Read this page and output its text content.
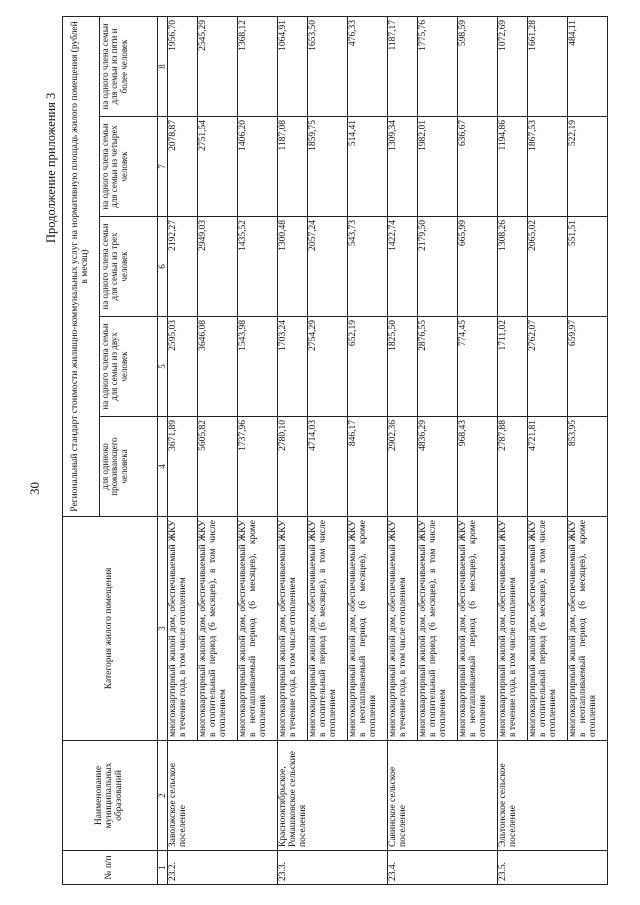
30
Продолжение приложения 3
№ п/п	Наименование муниципальных образований	Категория жилого помещения	Региональный стандарт стоимости жилищно-коммунальных услуг на нормативную площадь жилого помещения (рублей в месяц)				
			для одиноко проживающего человека	на одного члена семьи для семьи из двух человек	на одного члена семьи для семьи из трех человек	на одного члена семьи для семьи из четырех человек	на одного члена семьи для семьи из пяти и более человек
1	2	3	4	5	6	7	8
23.2.	Заволжское сельское поселение	многоквартирный жилой дом, обеспечиваемый ЖКУ в течение года, в том числе отоплением	3671,89	2595,03	2192,27	2078,87	1956,70
		многоквартирный жилой дом, обеспечиваемый ЖКУ в отопительный период (6 месяцев), в том числе отоплением	5605,82	3646,08	2949,03	2751,54	2545,29
		многоквартирный жилой дом, обеспечиваемый ЖКУ в неотапливаемый период (6 месяцев), кроме отопления	1737,96	1543,98	1435,52	1406,20	1368,12
23.3.	Краснооктябрьское, Ромашковское сельские поселения	многоквартирный жилой дом, обеспечиваемый ЖКУ в течение года, в том числе отоплением	2780,10	1703,24	1300,48	1187,08	1064,91
		многоквартирный жилой дом, обеспечиваемый ЖКУ в отопительный период (6 месяцев), в том числе отоплением	4714,03	2754,29	2057,24	1859,75	1653,50
		многоквартирный жилой дом, обеспечиваемый ЖКУ в неотапливаемый период (6 месяцев), кроме отопления	846,17	652,19	543,73	514,41	476,33
23.4.	Савинское сельское поселение	многоквартирный жилой дом, обеспечиваемый ЖКУ в течение года, в том числе отоплением	2902,36	1825,50	1422,74	1309,34	1187,17
		многоквартирный жилой дом, обеспечиваемый ЖКУ в отопительный период (6 месяцев), в том числе отоплением	4836,29	2876,55	2179,50	1982,01	1775,76
		многоквартирный жилой дом, обеспечиваемый ЖКУ в неотапливаемый период (6 месяцев), кроме отопления	968,43	774,45	665,99	636,67	598,59
23.5.	Эльтонское сельское поселение	многоквартирный жилой дом, обеспечиваемый ЖКУ в течение года, в том числе отоплением	2787,88	1711,02	1308,26	1194,86	1072,69
		многоквартирный жилой дом, обеспечиваемый ЖКУ в отопительный период (6 месяцев), в том числе отоплением	4721,81	2762,07	2065,02	1867,53	1661,28
		многоквартирный жилой дом, обеспечиваемый ЖКУ в неотапливаемый период (6 месяцев), кроме отопления	853,95	659,97	551,51	522,19	484,11
